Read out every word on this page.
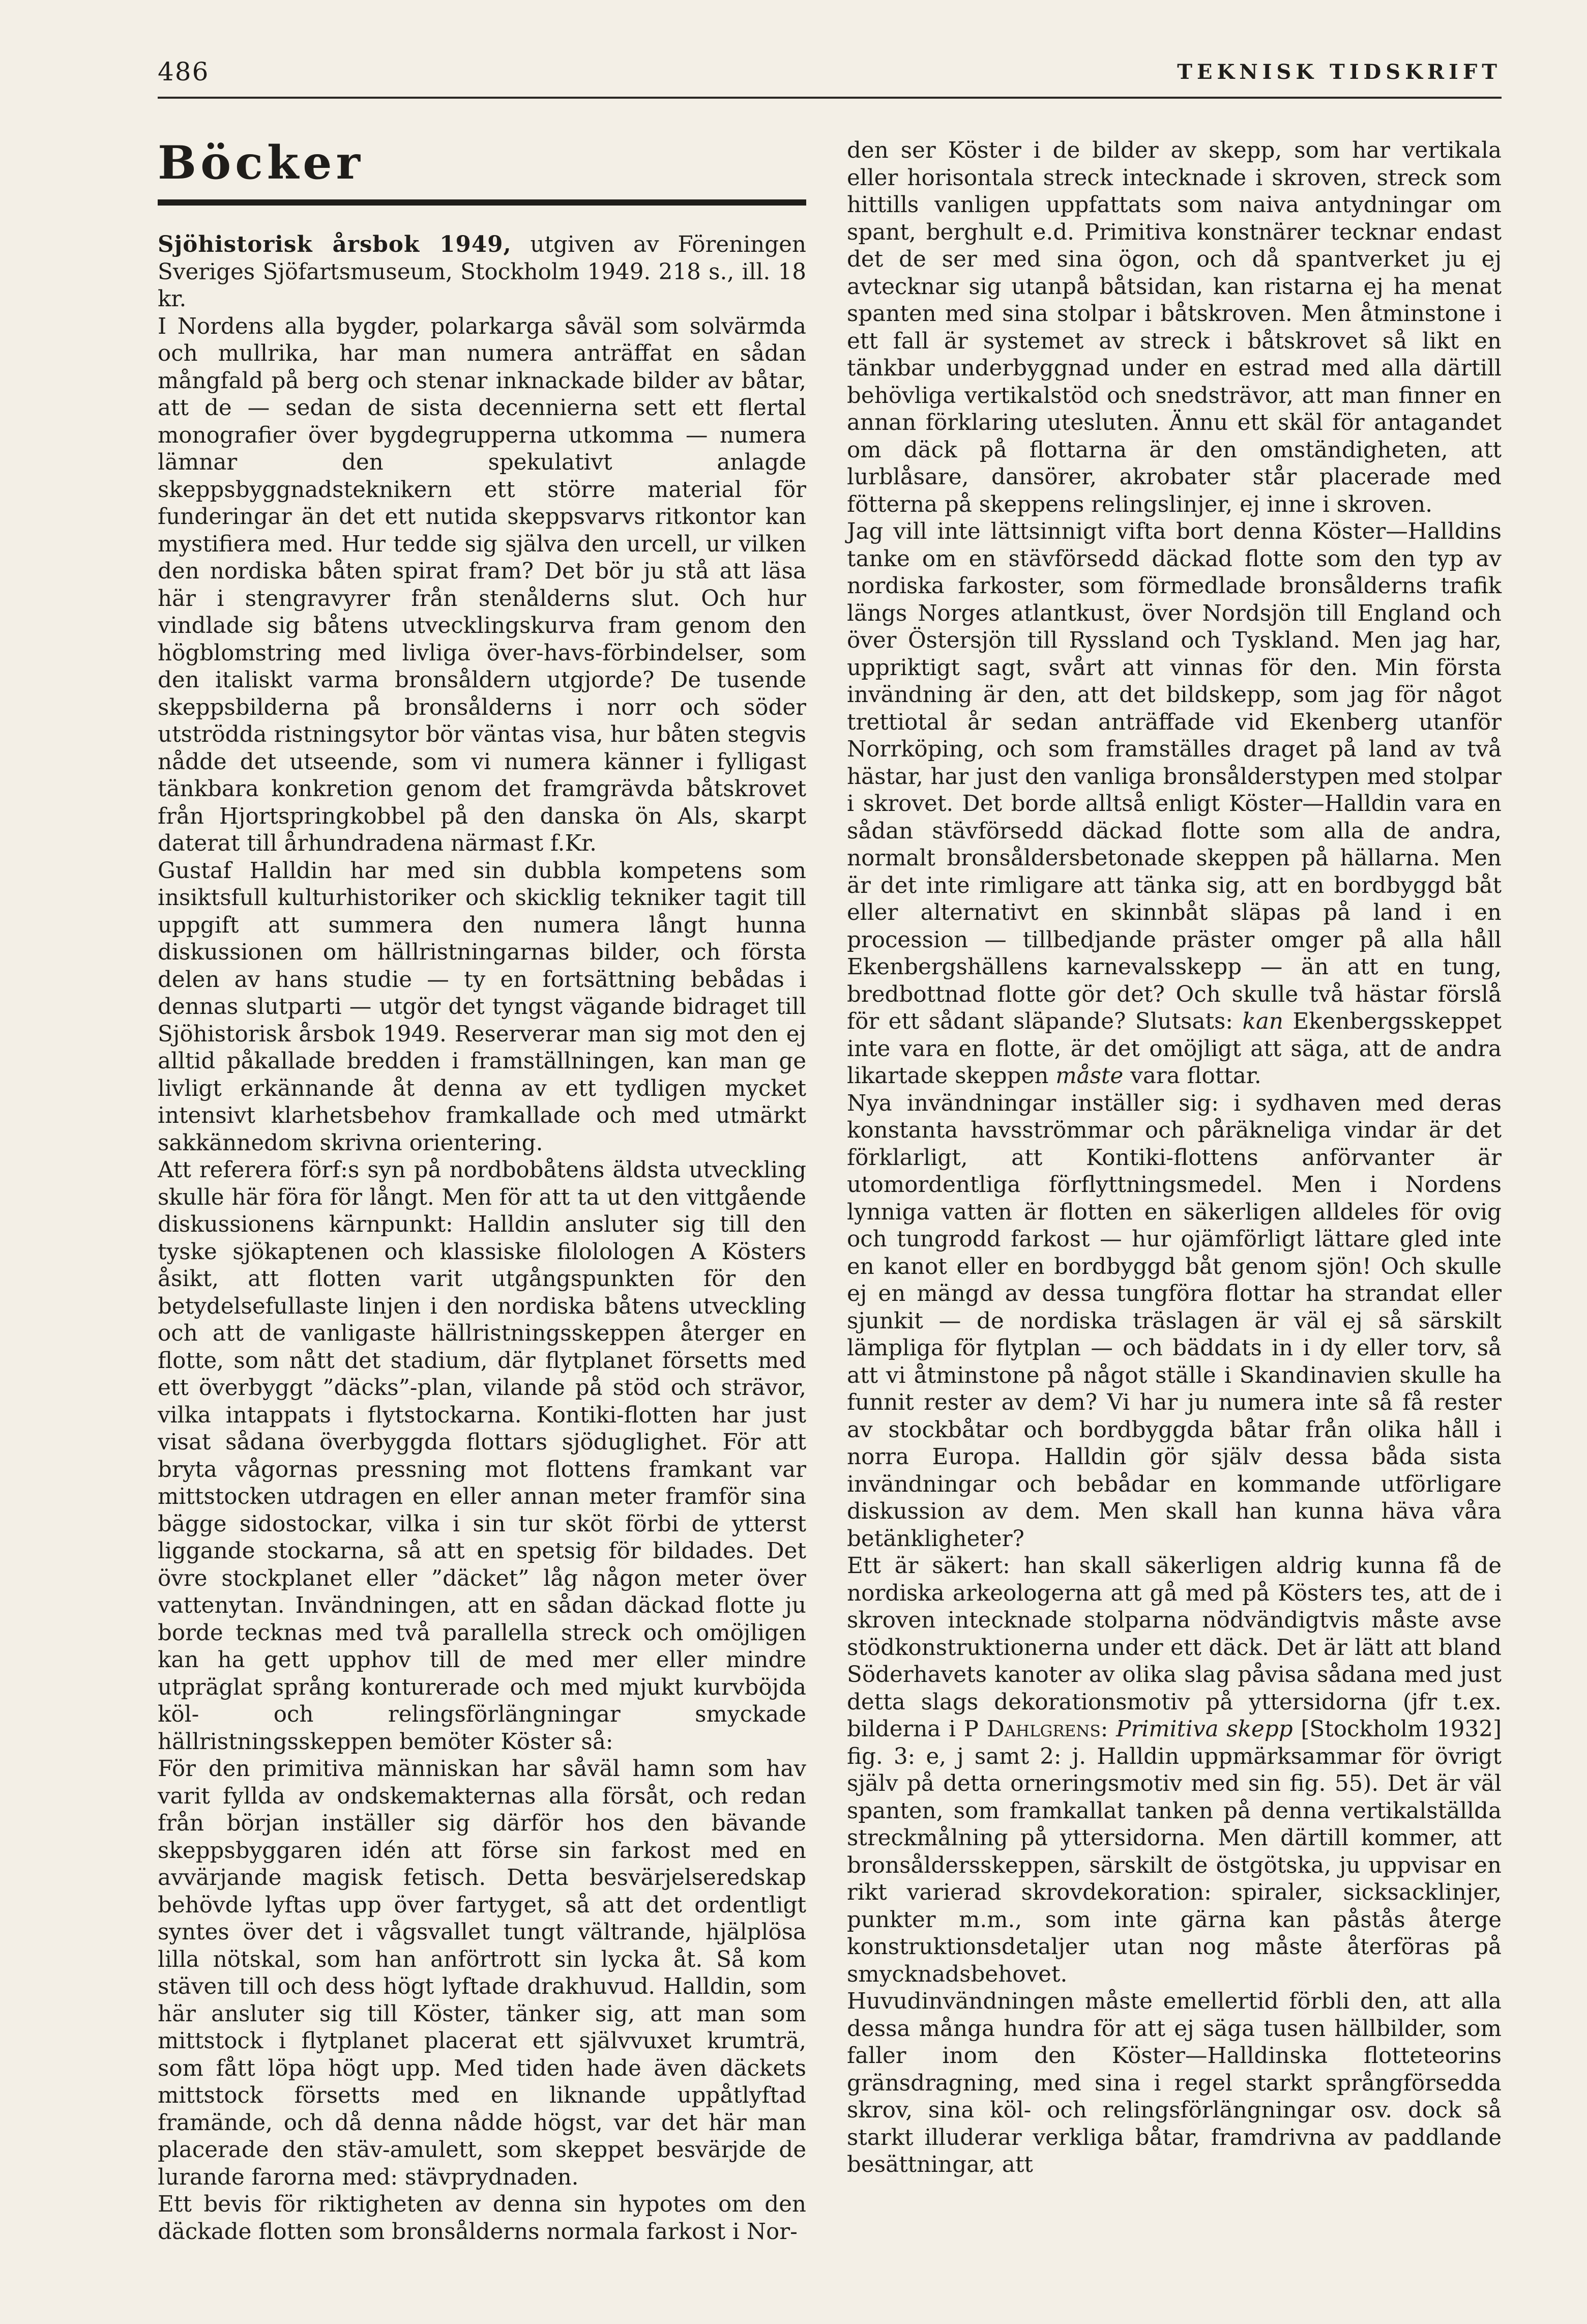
486	TEKNISK TIDSKRIFT
Böcker

Sjöhistorisk årsbok 1949, utgiven av Föreningen Sveriges Sjöfartsmuseum, Stockholm 1949. 218 s., ill. 18 kr.

I Nordens alla bygder, polarkarga såväl som solvärmda och mullrika, har man numera anträffat en sådan mångfald på berg och stenar inknackade bilder av båtar, att de — sedan de sista decennierna sett ett flertal monografier över bygdegrupperna utkomma — numera lämnar den spekulativt anlagde skeppsbyggnadsteknikern ett större material för funderingar än det ett nutida skeppsvarvs ritkontor kan mystifiera med. Hur tedde sig själva den urcell, ur vilken den nordiska båten spirat fram? Det bör ju stå att läsa här i stengravyrer från stenålderns slut. Och hur vindlade sig båtens utvecklingskurva fram genom den högblomstring med livliga över-havs-förbindelser, som den italiskt varma bronsåldern utgjorde? De tusende skeppsbilderna på bronsålderns i norr och söder utströdda ristningsytor bör väntas visa, hur båten stegvis nådde det utseende, som vi numera känner i fylligast tänkbara konkretion genom det framgrävda båtskrovet från Hjortspringkobbel på den danska ön Als, skarpt daterat till århundradena närmast f.Kr.

Gustaf Halldin har med sin dubbla kompetens som insiktsfull kulturhistoriker och skicklig tekniker tagit till uppgift att summera den numera långt hunna diskussionen om hällristningarnas bilder, och första delen av hans studie — ty en fortsättning bebådas i dennas slutparti — utgör det tyngst vägande bidraget till Sjöhistorisk årsbok 1949. Reserverar man sig mot den ej alltid påkallade bredden i framställningen, kan man ge livligt erkännande åt denna av ett tydligen mycket intensivt klarhetsbehov framkallade och med utmärkt sakkännedom skrivna orientering.

Att referera förf:s syn på nordbobåtens äldsta utveckling skulle här föra för långt. Men för att ta ut den vittgående diskussionens kärnpunkt: Halldin ansluter sig till den tyske sjökaptenen och klassiske filolologen A Kösters åsikt, att flotten varit utgångspunkten för den betydelsefullaste linjen i den nordiska båtens utveckling och att de vanligaste hällristningsskeppen återger en flotte, som nått det stadium, där flytplanet försetts med ett överbyggt ”däcks”-plan, vilande på stöd och strävor, vilka intappats i flytstockarna. Kontiki-flotten har just visat sådana överbyggda flottars sjöduglighet. För att bryta vågornas pressning mot flottens framkant var mittstocken utdragen en eller annan meter framför sina bägge sidostockar, vilka i sin tur sköt förbi de ytterst liggande stockarna, så att en spetsig för bildades. Det övre stockplanet eller ”däcket” låg någon meter över vattenytan. Invändningen, att en sådan däckad flotte ju borde tecknas med två parallella streck och omöjligen kan ha gett upphov till de med mer eller mindre utpräglat språng konturerade och med mjukt kurvböjda köl- och relingsförlängningar smyckade hällristningsskeppen bemöter Köster så:

För den primitiva människan har såväl hamn som hav varit fyllda av ondskemakternas alla försåt, och redan från början inställer sig därför hos den bävande skeppsbyggaren idén att förse sin farkost med en avvärjande magisk fetisch. Detta besvärjelseredskap behövde lyftas upp över fartyget, så att det ordentligt syntes över det i vågsvallet tungt vältrande, hjälplösa lilla nötskal, som han anförtrott sin lycka åt. Så kom stäven till och dess högt lyftade drakhuvud. Halldin, som här ansluter sig till Köster, tänker sig, att man som mittstock i flytplanet placerat ett självvuxet krumträ, som fått löpa högt upp. Med tiden hade även däckets mittstock försetts med en liknande uppåtlyftad framände, och då denna nådde högst, var det här man placerade den stäv-amulett, som skeppet besvärjde de lurande farorna med: stävprydnaden.

Ett bevis för riktigheten av denna sin hypotes om den däckade flotten som bronsålderns normala farkost i Nor-

den ser Köster i de bilder av skepp, som har vertikala eller horisontala streck intecknade i skroven, streck som hittills vanligen uppfattats som naiva antydningar om spant, berghult e.d. Primitiva konstnärer tecknar endast det de ser med sina ögon, och då spantverket ju ej avtecknar sig utanpå båtsidan, kan ristarna ej ha menat spanten med sina stolpar i båtskroven. Men åtminstone i ett fall är systemet av streck i båtskrovet så likt en tänkbar underbyggnad under en estrad med alla därtill behövliga vertikalstöd och snedsträvor, att man finner en annan förklaring utesluten. Ännu ett skäl för antagandet om däck på flottarna är den omständigheten, att lurblåsare, dansörer, akrobater står placerade med fötterna på skeppens relingslinjer, ej inne i skroven.

Jag vill inte lättsinnigt vifta bort denna Köster—Halldins tanke om en stävförsedd däckad flotte som den typ av nordiska farkoster, som förmedlade bronsålderns trafik längs Norges atlantkust, över Nordsjön till England och över Östersjön till Ryssland och Tyskland. Men jag har, uppriktigt sagt, svårt att vinnas för den. Min första invändning är den, att det bildskepp, som jag för något trettiotal år sedan anträffade vid Ekenberg utanför Norrköping, och som framställes draget på land av två hästar, har just den vanliga bronsålderstypen med stolpar i skrovet. Det borde alltså enligt Köster—Halldin vara en sådan stävförsedd däckad flotte som alla de andra, normalt bronsåldersbetonade skeppen på hällarna. Men är det inte rimligare att tänka sig, att en bordbyggd båt eller alternativt en skinnbåt släpas på land i en procession — tillbedjande präster omger på alla håll Ekenbergshällens karnevalsskepp — än att en tung, bredbottnad flotte gör det? Och skulle två hästar förslå för ett sådant släpande? Slutsats: kan Ekenbergsskeppet inte vara en flotte, är det omöjligt att säga, att de andra likartade skeppen måste vara flottar.

Nya invändningar inställer sig: i sydhaven med deras konstanta havsströmmar och påräkneliga vindar är det förklarligt, att Kontiki-flottens anförvanter är utomordentliga förflyttningsmedel. Men i Nordens lynniga vatten är flotten en säkerligen alldeles för ovig och tungrodd farkost — hur ojämförligt lättare gled inte en kanot eller en bordbyggd båt genom sjön! Och skulle ej en mängd av dessa tungföra flottar ha strandat eller sjunkit — de nordiska träslagen är väl ej så särskilt lämpliga för flytplan — och bäddats in i dy eller torv, så att vi åtminstone på något ställe i Skandinavien skulle ha funnit rester av dem? Vi har ju numera inte så få rester av stockbåtar och bordbyggda båtar från olika håll i norra Europa. Halldin gör själv dessa båda sista invändningar och bebådar en kommande utförligare diskussion av dem. Men skall han kunna häva våra betänkligheter?

Ett är säkert: han skall säkerligen aldrig kunna få de nordiska arkeologerna att gå med på Kösters tes, att de i skroven intecknade stolparna nödvändigtvis måste avse stödkonstruktionerna under ett däck. Det är lätt att bland Söderhavets kanoter av olika slag påvisa sådana med just detta slags dekorationsmotiv på yttersidorna (jfr t.ex. bilderna i P Dahlgrens: Primitiva skepp [Stockholm 1932] fig. 3: e, j samt 2: j. Halldin uppmärksammar för övrigt själv på detta orneringsmotiv med sin fig. 55). Det är väl spanten, som framkallat tanken på denna vertikalställda streckmålning på yttersidorna. Men därtill kommer, att bronsåldersskeppen, särskilt de östgötska, ju uppvisar en rikt varierad skrovdekoration: spiraler, sicksacklinjer, punkter m.m., som inte gärna kan påstås återge konstruktionsdetaljer utan nog måste återföras på smycknadsbehovet.

Huvudinvändningen måste emellertid förbli den, att alla dessa många hundra för att ej säga tusen hällbilder, som faller inom den Köster—Halldinska flotteteorins gränsdragning, med sina i regel starkt språngförsedda skrov, sina köl- och relingsförlängningar osv. dock så starkt illuderar verkliga båtar, framdrivna av paddlande besättningar, att
